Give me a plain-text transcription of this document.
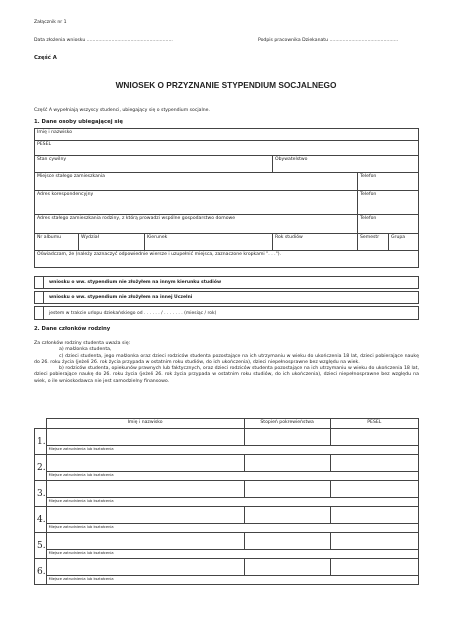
Załącznik nr 1
Data złożenia wniosku ...........................................................	Podpis pracownika Dziekanatu ...............................................
Część A
WNIOSEK O PRZYZNANIE STYPENDIUM SOCJALNEGO
Część A wypełniają wszyscy studenci, ubiegający się o stypendium socjalne.
1. Dane osoby ubiegającej się
Imię i nazwisko					
PESEL					
Stan cywilny			Obywatelstwo		
Miejsce stałego zamieszkania				Telefon	
Adres korespondencyjny				Telefon	
Adres stałego zamieszkania rodziny, z którą prowadzi wspólne gospodarstwo domowe				Telefon	
Nr albumu	Wydział	Kierunek	Rok studiów	Semestr	Grupa
Oświadczam, że (należy zaznaczyć odpowiednie wiersze i uzupełnić miejsca, zaznaczone kropkami ". . .").					
wniosku o ww. stypendium nie złożyłem na innym kierunku studiów
wniosku o ww. stypendium nie złożyłem na innej Uczelni
jestem w trakcie urlopu dziekańskiego od . . . . . . / . . . . . . . (miesiąc / rok)
2. Dane członków rodziny
Za członków rodziny studenta uważa się:
a) małżonka studenta,
c) dzieci studenta, jego małżonka oraz dzieci rodziców studenta pozostające na ich utrzymaniu w wieku do ukończenia 18 lat, dzieci pobierające naukę do 26. roku życia (jeżeli 26. rok życia przypada w ostatnim roku studiów, do ich ukończenia), dzieci niepełnosprawne bez względu na wiek.
b) rodziców studenta, opiekunów prawnych lub faktycznych, oraz dzieci rodziców studenta pozostające na ich utrzymaniu w wieku do ukończenia 18 lat, dzieci pobierające naukę do 26. roku życia (jeżeli 26. rok życia przypada w ostatnim roku studiów, do ich ukończenia), dzieci niepełnosprawne bez względu na wiek, o ile wnioskodawca nie jest samodzielny finansowo.
	Imię i nazwisko	Stopień pokrewieństwa	PESEL
1.			
	Miejsce zatrudnienia lub kształcenia		
2.			
	Miejsce zatrudnienia lub kształcenia		
3.			
	Miejsce zatrudnienia lub kształcenia		
4.			
	Miejsce zatrudnienia lub kształcenia		
5.			
	Miejsce zatrudnienia lub kształcenia		
6.			
	Miejsce zatrudnienia lub kształcenia		
